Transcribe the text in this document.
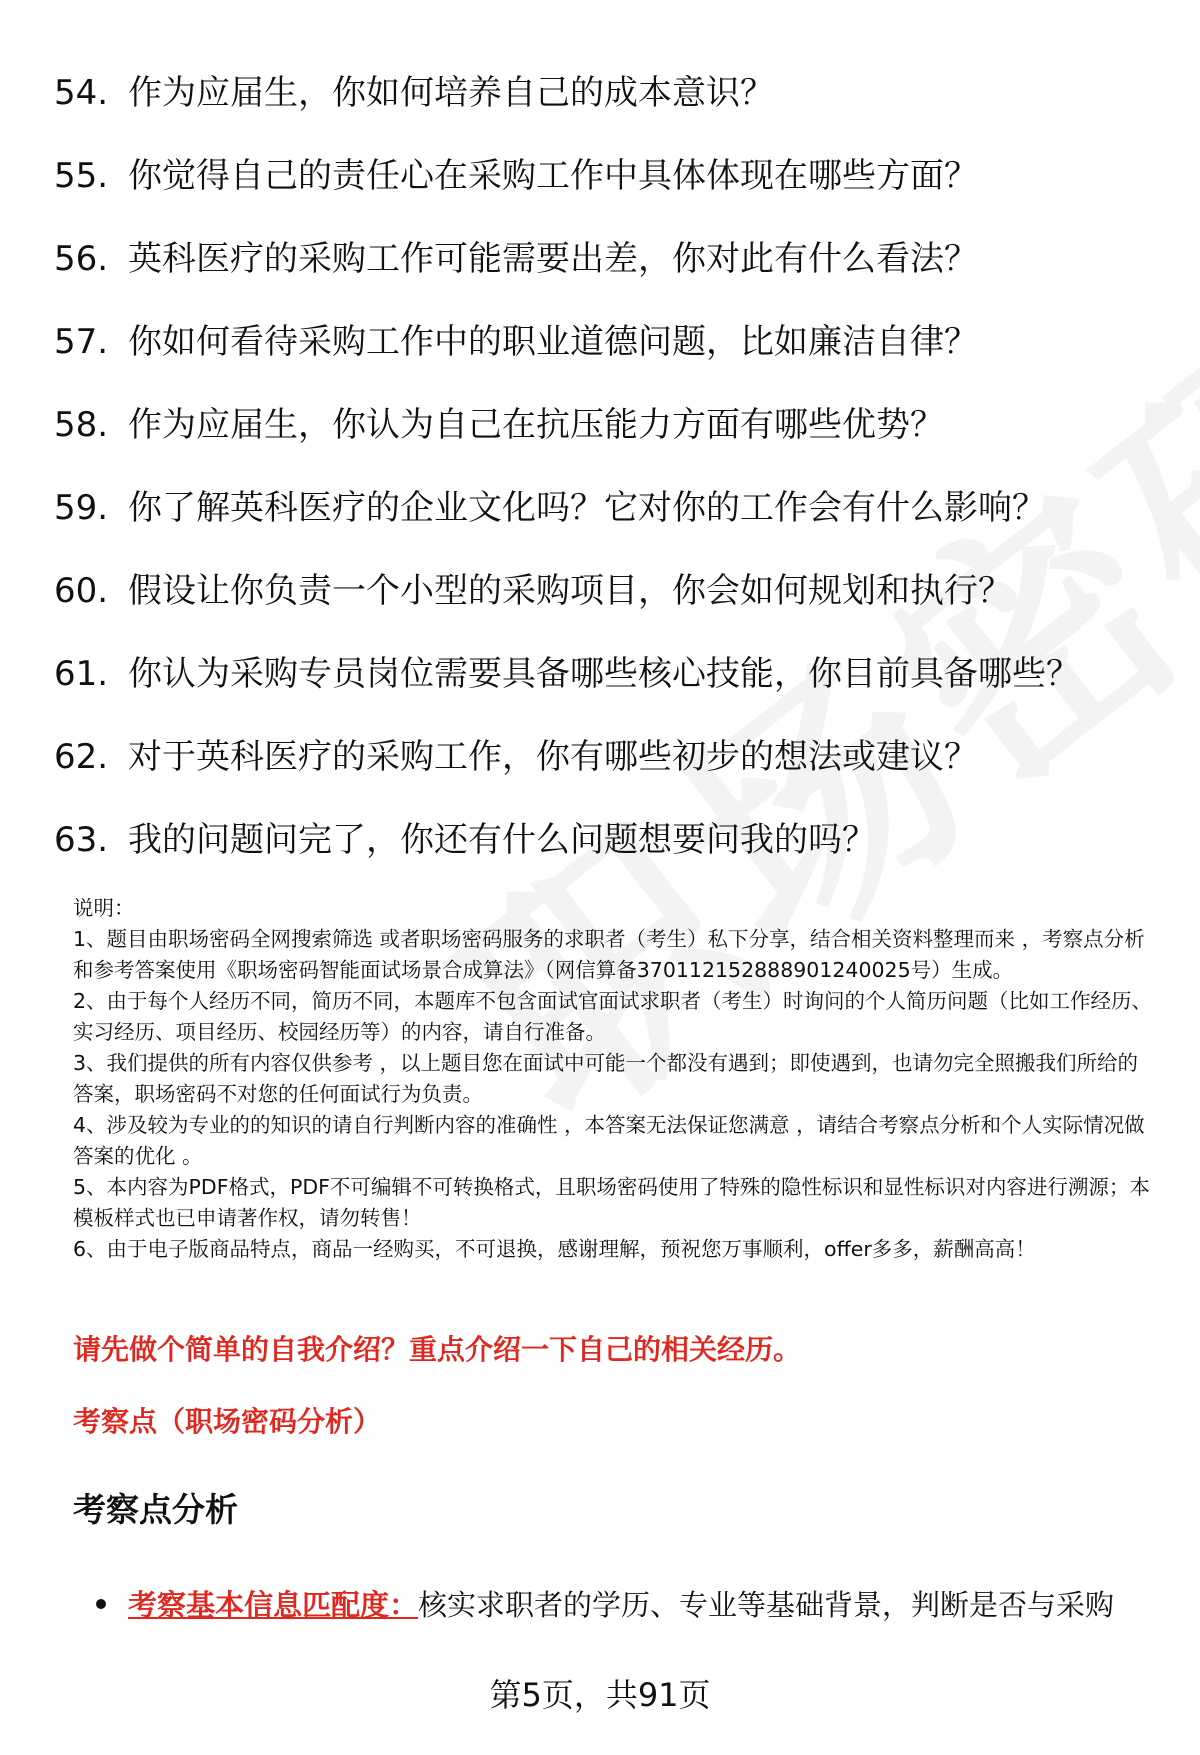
54. 作为应届生，你如何培养自己的成本意识？
55. 你觉得自己的责任心在采购工作中具体体现在哪些方面？
56. 英科医疗的采购工作可能需要出差，你对此有什么看法？
57. 你如何看待采购工作中的职业道德问题，比如廉洁自律？
58. 作为应届生，你认为自己在抗压能力方面有哪些优势？
59. 你了解英科医疗的企业文化吗？它对你的工作会有什么影响？
60. 假设让你负责一个小型的采购项目，你会如何规划和执行？
61. 你认为采购专员岗位需要具备哪些核心技能，你目前具备哪些？
62. 对于英科医疗的采购工作，你有哪些初步的想法或建议？
63. 我的问题问完了，你还有什么问题想要问我的吗？

说明：

1、题目由职场密码全网搜索筛选 或者职场密码服务的求职者（考生）私下分享，结合相关资料整理而来 ，考察点分析和参考答案使用《职场密码智能面试场景合成算法》（网信算备370112152888901240025号）生成。

2、由于每个人经历不同，简历不同，本题库不包含面试官面试求职者（考生）时询问的个人简历问题（比如工作经历、实习经历、项目经历、校园经历等）的内容，请自行准备。

3、我们提供的所有内容仅供参考 ，以上题目您在面试中可能一个都没有遇到；即使遇到，也请勿完全照搬我们所给的答案，职场密码不对您的任何面试行为负责。

4、涉及较为专业的的知识的请自行判断内容的准确性 ，本答案无法保证您满意 ，请结合考察点分析和个人实际情况做答案的优化 。

5、本内容为PDF格式，PDF不可编辑不可转换格式，且职场密码使用了特殊的隐性标识和显性标识对内容进行溯源；本模板样式也已申请著作权，请勿转售！

6、由于电子版商品特点，商品一经购买，不可退换，感谢理解，预祝您万事顺利，offer多多，薪酬高高！

请先做个简单的自我介绍？重点介绍一下自己的相关经历。
考察点（职场密码分析）
考察点分析
考察基本信息匹配度： 核实求职者的学历、专业等基础背景，判断是否与采购
第5页，共91页
